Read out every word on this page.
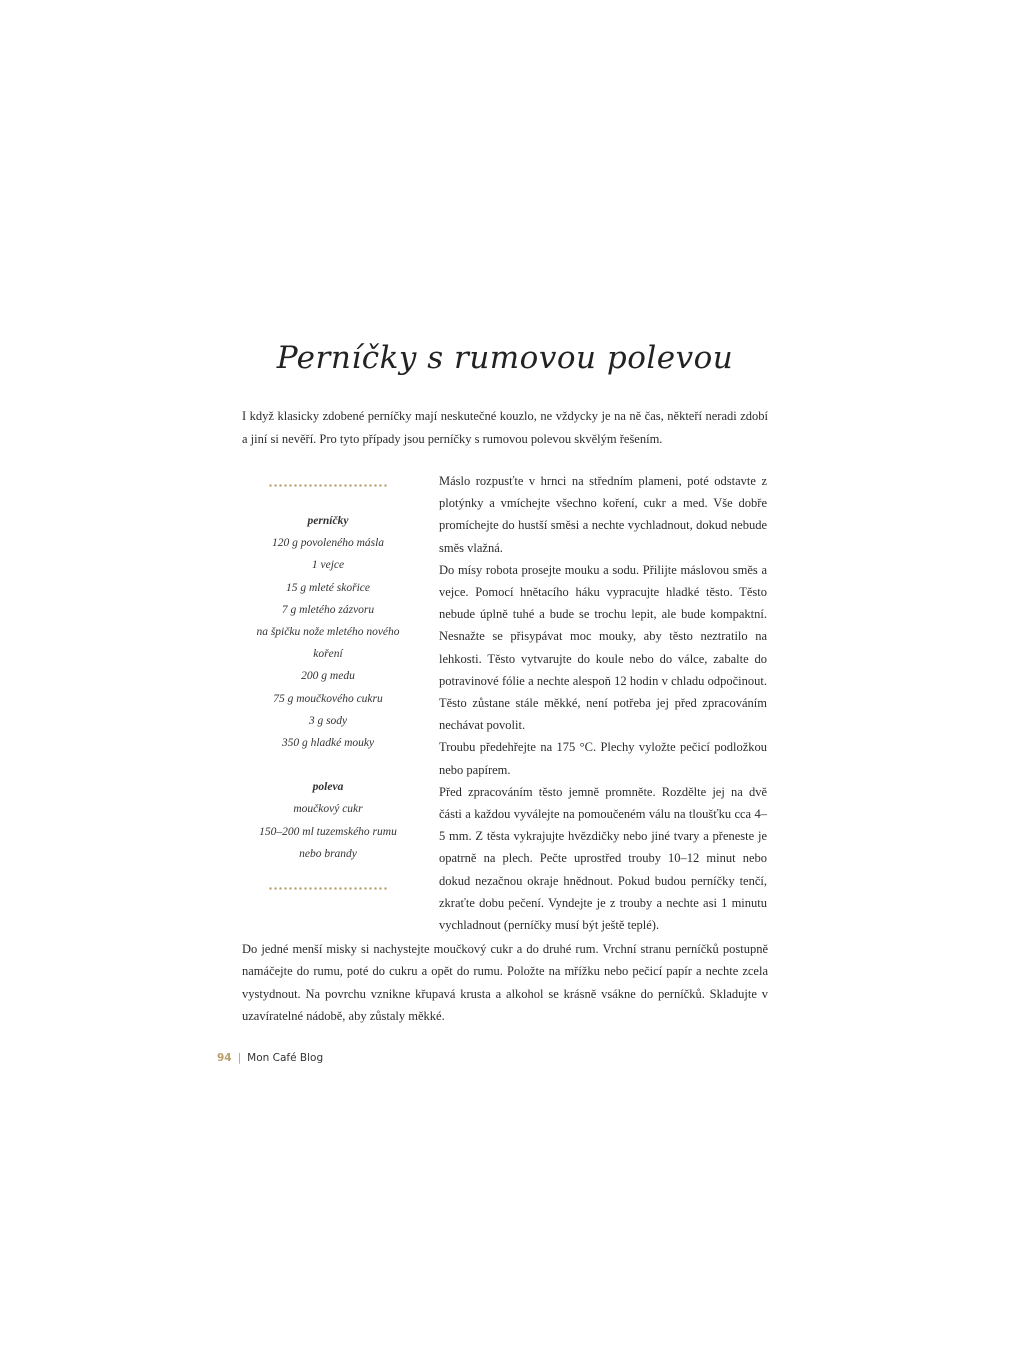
Perníčky s rumovou polevou

I když klasicky zdobené perníčky mají neskutečné kouzlo, ne vždycky je na ně čas, někteří neradi zdobí a jiní si nevěří. Pro tyto případy jsou perníčky s rumovou polevou skvělým řešením.

perníčky
120 g povoleného másla
1 vejce
15 g mleté skořice
7 g mletého zázvoru
na špičku nože mletého nového koření
200 g medu
75 g moučkového cukru
3 g sody
350 g hladké mouky
poleva
moučkový cukr
150–200 ml tuzemského rumu nebo brandy

Máslo rozpusťte v hrnci na středním plameni, poté odstavte z plotýnky a vmíchejte všechno koření, cukr a med. Vše dobře promíchejte do hustší směsi a nechte vychladnout, dokud nebude směs vlažná.

Do mísy robota prosejte mouku a sodu. Přilijte máslovou směs a vejce. Pomocí hnětacího háku vypracujte hladké těsto. Těsto nebude úplně tuhé a bude se trochu lepit, ale bude kompaktní. Nesnažte se přisypávat moc mouky, aby těsto neztratilo na lehkosti. Těsto vytvarujte do koule nebo do válce, zabalte do potravinové fólie a nechte alespoň 12 hodin v chladu odpočinout. Těsto zůstane stále měkké, není potřeba jej před zpracováním nechávat povolit.

Troubu předehřejte na 175 °C. Plechy vyložte pečicí podložkou nebo papírem.

Před zpracováním těsto jemně promněte. Rozdělte jej na dvě části a každou vyválejte na pomoučeném válu na tloušťku cca 4–5 mm. Z těsta vykrajujte hvězdičky nebo jiné tvary a přeneste je opatrně na plech. Pečte uprostřed trouby 10–12 minut nebo dokud nezačnou okraje hnědnout. Pokud budou perníčky tenčí, zkraťte dobu pečení. Vyndejte je z trouby a nechte asi 1 minutu vychladnout (perníčky musí být ještě teplé).

Do jedné menší misky si nachystejte moučkový cukr a do druhé rum. Vrchní stranu perníčků postupně namáčejte do rumu, poté do cukru a opět do rumu. Položte na mřížku nebo pečicí papír a nechte zcela vystydnout. Na povrchu vznikne křupavá krusta a alkohol se krásně vsákne do perníčků. Skladujte v uzavíratelné nádobě, aby zůstaly měkké.

94 | Mon Café Blog
